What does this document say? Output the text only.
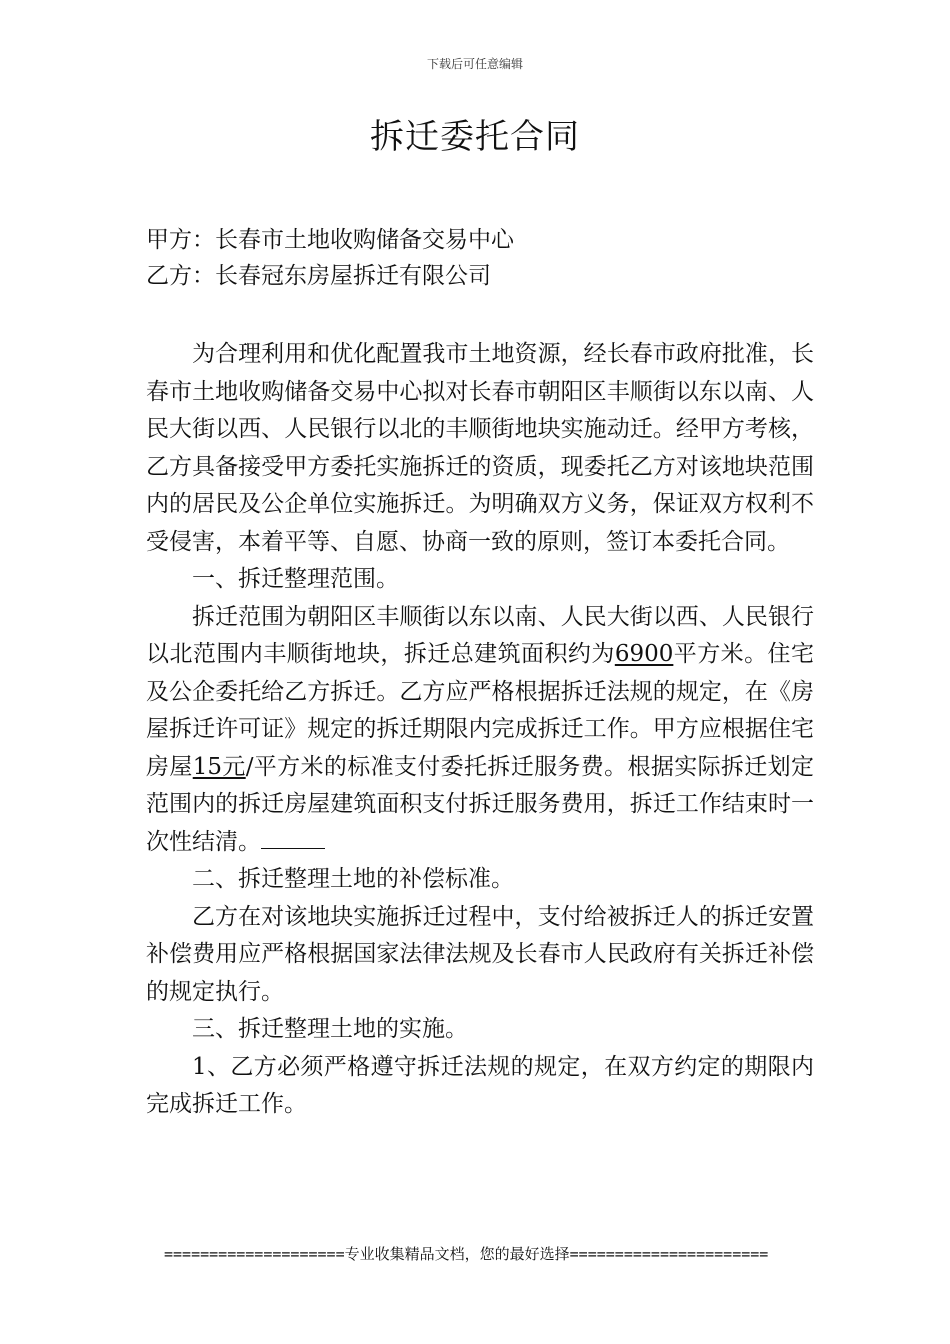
下载后可任意编辑
拆迁委托合同
甲方：长春市土地收购储备交易中心
乙方：长春冠东房屋拆迁有限公司

为合理利用和优化配置我市土地资源，经长春市政府批准，长春市土地收购储备交易中心拟对长春市朝阳区丰顺街以东以南、人民大街以西、人民银行以北的丰顺街地块实施动迁。经甲方考核，乙方具备接受甲方委托实施拆迁的资质，现委托乙方对该地块范围内的居民及公企单位实施拆迁。为明确双方义务，保证双方权利不受侵害，本着平等、自愿、协商一致的原则，签订本委托合同。

一、拆迁整理范围。

拆迁范围为朝阳区丰顺街以东以南、人民大街以西、人民银行以北范围内丰顺街地块，拆迁总建筑面积约为6900平方米。住宅及公企委托给乙方拆迁。乙方应严格根据拆迁法规的规定，在《房屋拆迁许可证》规定的拆迁期限内完成拆迁工作。甲方应根据住宅房屋15元/平方米的标准支付委托拆迁服务费。根据实际拆迁划定范围内的拆迁房屋建筑面积支付拆迁服务费用，拆迁工作结束时一次性结清。

二、拆迁整理土地的补偿标准。

乙方在对该地块实施拆迁过程中，支付给被拆迁人的拆迁安置补偿费用应严格根据国家法律法规及长春市人民政府有关拆迁补偿的规定执行。

三、拆迁整理土地的实施。

1、乙方必须严格遵守拆迁法规的规定，在双方约定的期限内完成拆迁工作。

====================专业收集精品文档，您的最好选择======================
